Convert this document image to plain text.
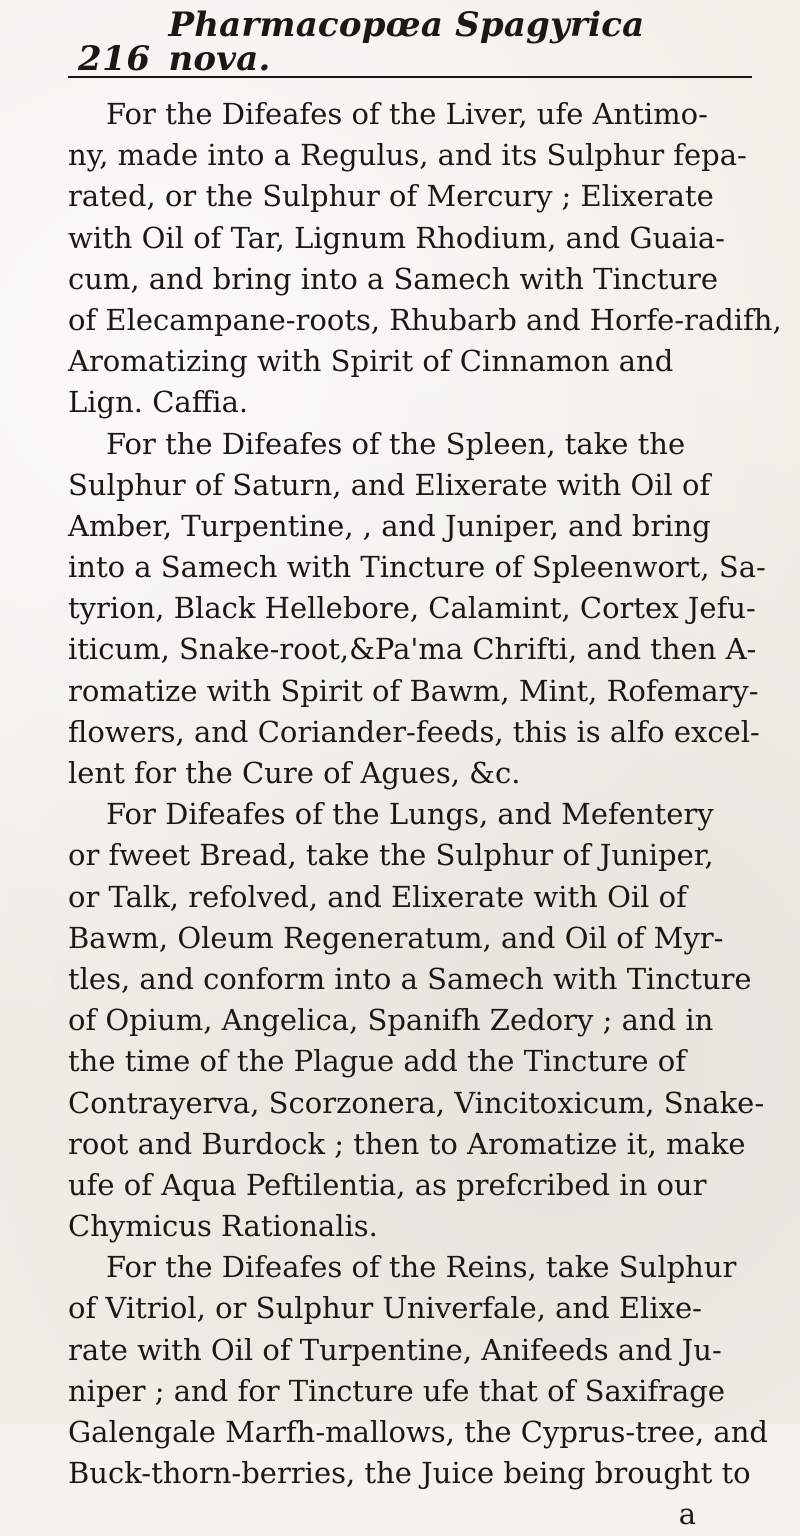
216
Pharmacopœa Spagyrica nova.
For the Difeafes of the Liver, ufe Antimo-
ny, made into a Regulus, and its Sulphur fepa-
rated, or the Sulphur of Mercury ; Elixerate
with Oil of Tar, Lignum Rhodium, and Guaia-
cum, and bring into a Samech with Tincture
of Elecampane-roots, Rhubarb and Horfe-radifh,
Aromatizing with Spirit of Cinnamon and
Lign. Caffia.
For the Difeafes of the Spleen, take the
Sulphur of Saturn, and Elixerate with Oil of
Amber, Turpentine, , and Juniper, and bring
into a Samech with Tincture of Spleenwort, Sa-
tyrion, Black Hellebore, Calamint, Cortex Jefu-
iticum, Snake-root,&Pa'ma Chrifti, and then A-
romatize with Spirit of Bawm, Mint, Rofemary-
flowers, and Coriander-feeds, this is alfo excel-
lent for the Cure of Agues, &c.
For Difeafes of the Lungs, and Mefentery
or fweet Bread, take the Sulphur of Juniper,
or Talk, refolved, and Elixerate with Oil of
Bawm, Oleum Regeneratum, and Oil of Myr-
tles, and conform into a Samech with Tincture
of Opium, Angelica, Spanifh Zedory ; and in
the time of the Plague add the Tincture of
Contrayerva, Scorzonera, Vincitoxicum, Snake-
root and Burdock ; then to Aromatize it, make
ufe of Aqua Peftilentia, as prefcribed in our
Chymicus Rationalis.
For the Difeafes of the Reins, take Sulphur
of Vitriol, or Sulphur Univerfale, and Elixe-
rate with Oil of Turpentine, Anifeeds and Ju-
niper ; and for Tincture ufe that of Saxifrage
Galengale Marfh-mallows, the Cyprus-tree, and
Buck-thorn-berries, the Juice being brought to
a
